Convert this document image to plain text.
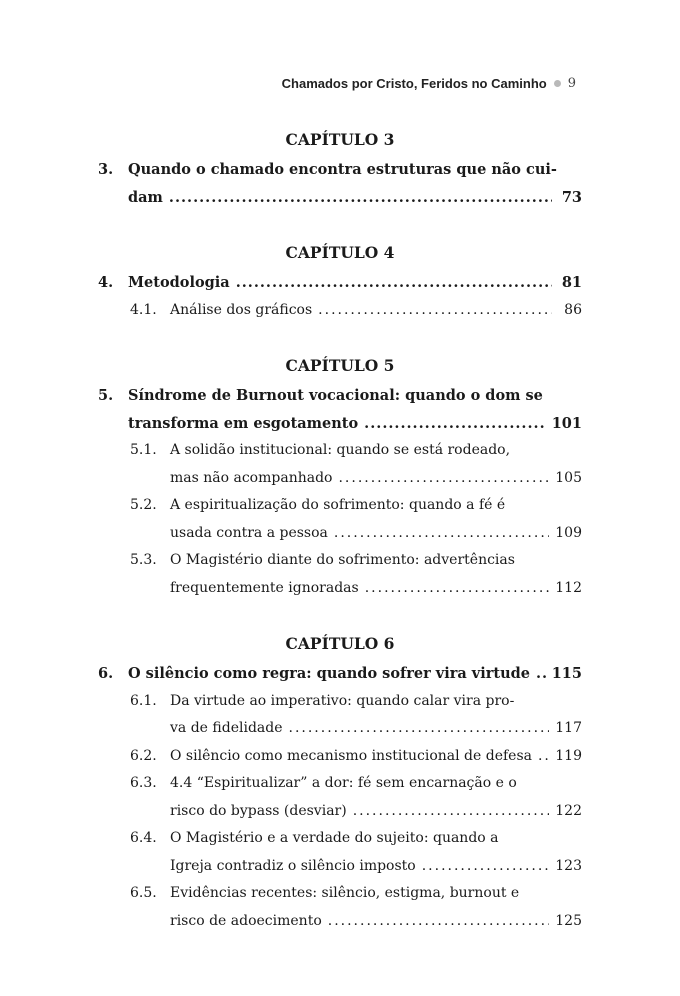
Chamados por Cristo, Feridos no Caminho 9
CAPÍTULO 3
3. Quando o chamado encontra estruturas que não cui-
dam .....	73
CAPÍTULO 4
4. Metodologia .....	81
4.1. Análise dos gráficos .....	86
CAPÍTULO 5
5. Síndrome de Burnout vocacional: quando o dom se
transforma em esgotamento .....	101
5.1. A solidão institucional: quando se está rodeado,
mas não acompanhado .....	105
5.2. A espiritualização do sofrimento: quando a fé é
usada contra a pessoa .....	109
5.3. O Magistério diante do sofrimento: advertências
frequentemente ignoradas .....	112
CAPÍTULO 6
6. O silêncio como regra: quando sofrer vira virtude ..... 115
6.1. Da virtude ao imperativo: quando calar vira pro-
va de fidelidade .....	117
6.2. O silêncio como mecanismo institucional de defesa ..... 119
6.3. 4.4 “Espiritualizar” a dor: fé sem encarnação e o
risco do bypass (desviar) .....	122
6.4. O Magistério e a verdade do sujeito: quando a
Igreja contradiz o silêncio imposto .....	123
6.5. Evidências recentes: silêncio, estigma, burnout e
risco de adoecimento .....	125
